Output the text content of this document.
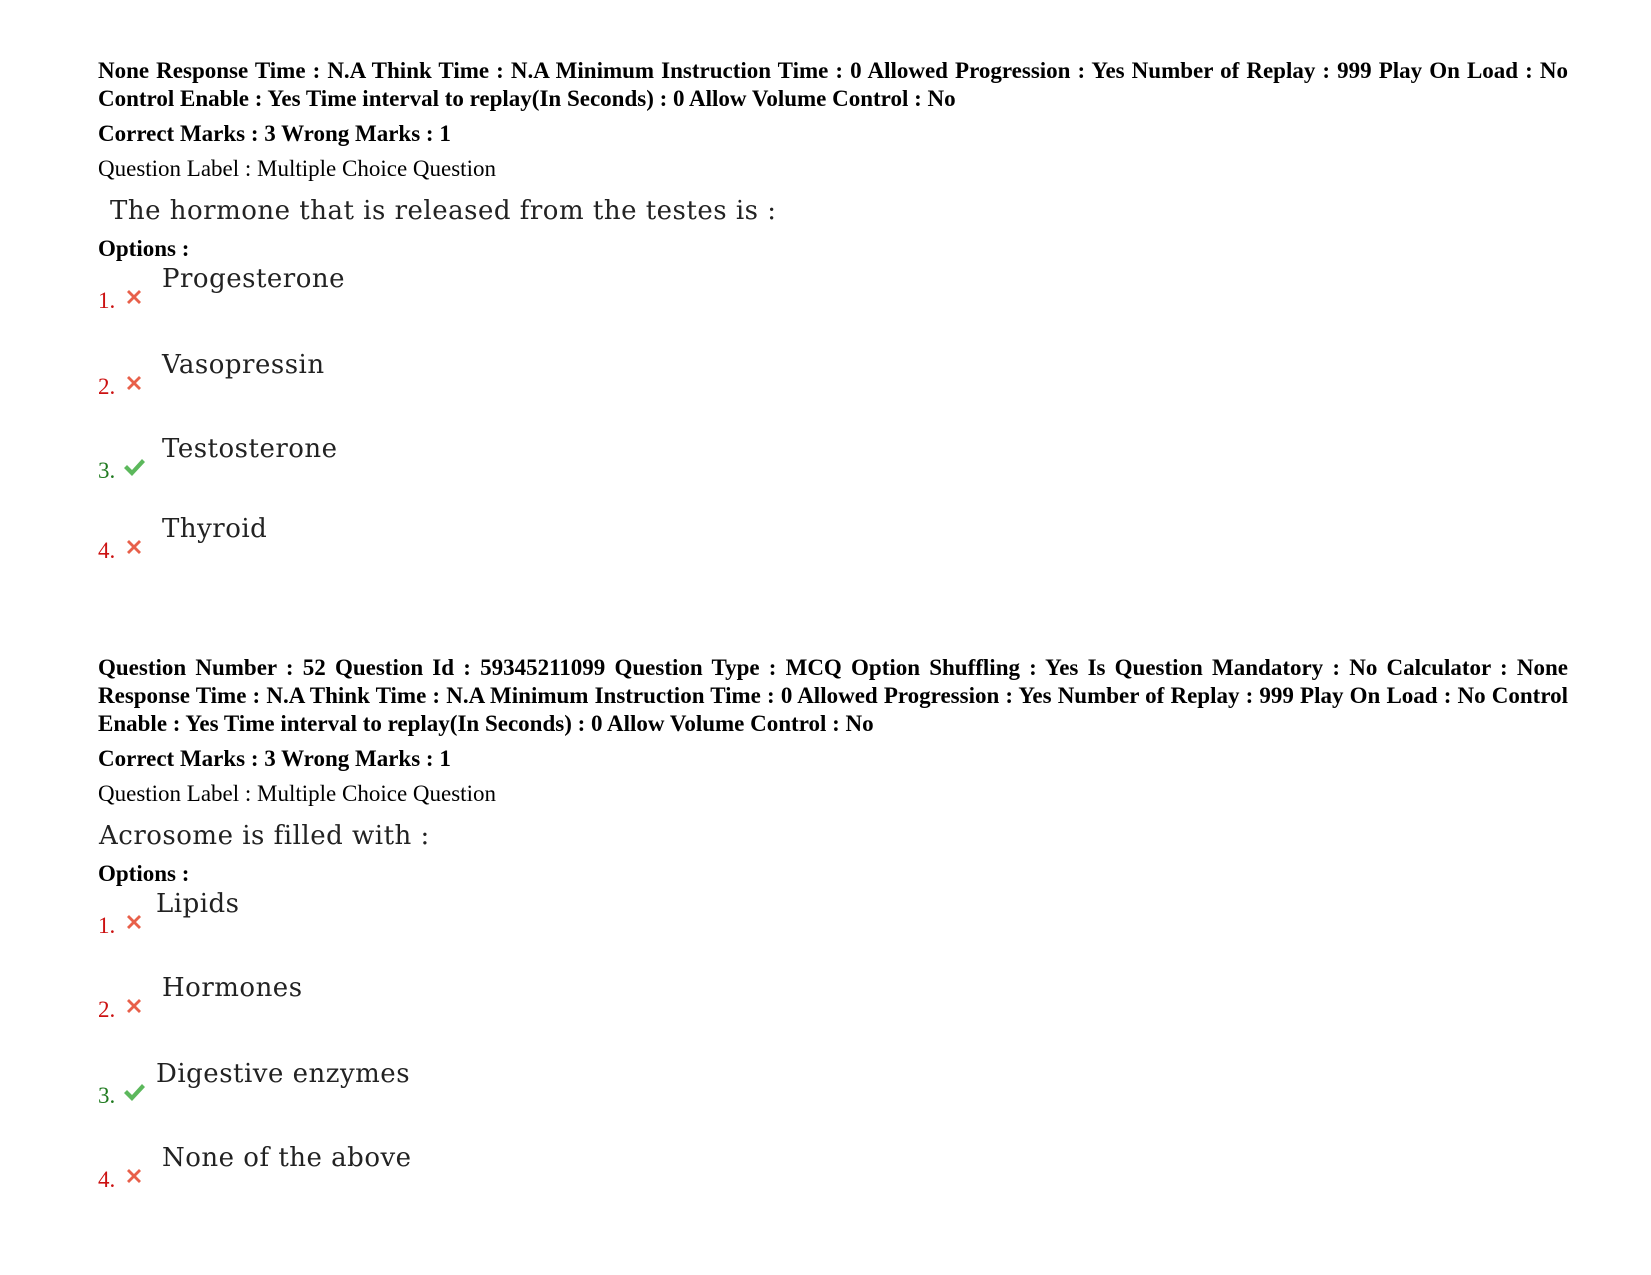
None Response Time : N.A Think Time : N.A Minimum Instruction Time : 0 Allowed Progression : Yes Number of Replay : 999 Play On Load : No Control Enable : Yes Time interval to replay(In Seconds) : 0 Allow Volume Control : No

Correct Marks : 3 Wrong Marks : 1

Question Label : Multiple Choice Question

The hormone that is released from the testes is :

Options :

1.
Progesterone
2.
Vasopressin
3.
Testosterone
4.
Thyroid

Question Number : 52 Question Id : 59345211099 Question Type : MCQ Option Shuffling : Yes Is Question Mandatory : No Calculator : None Response Time : N.A Think Time : N.A Minimum Instruction Time : 0 Allowed Progression : Yes Number of Replay : 999 Play On Load : No Control Enable : Yes Time interval to replay(In Seconds) : 0 Allow Volume Control : No

Correct Marks : 3 Wrong Marks : 1

Question Label : Multiple Choice Question

Acrosome is filled with :

Options :

1.
Lipids
2.
Hormones
3.
Digestive enzymes
4.
None of the above
